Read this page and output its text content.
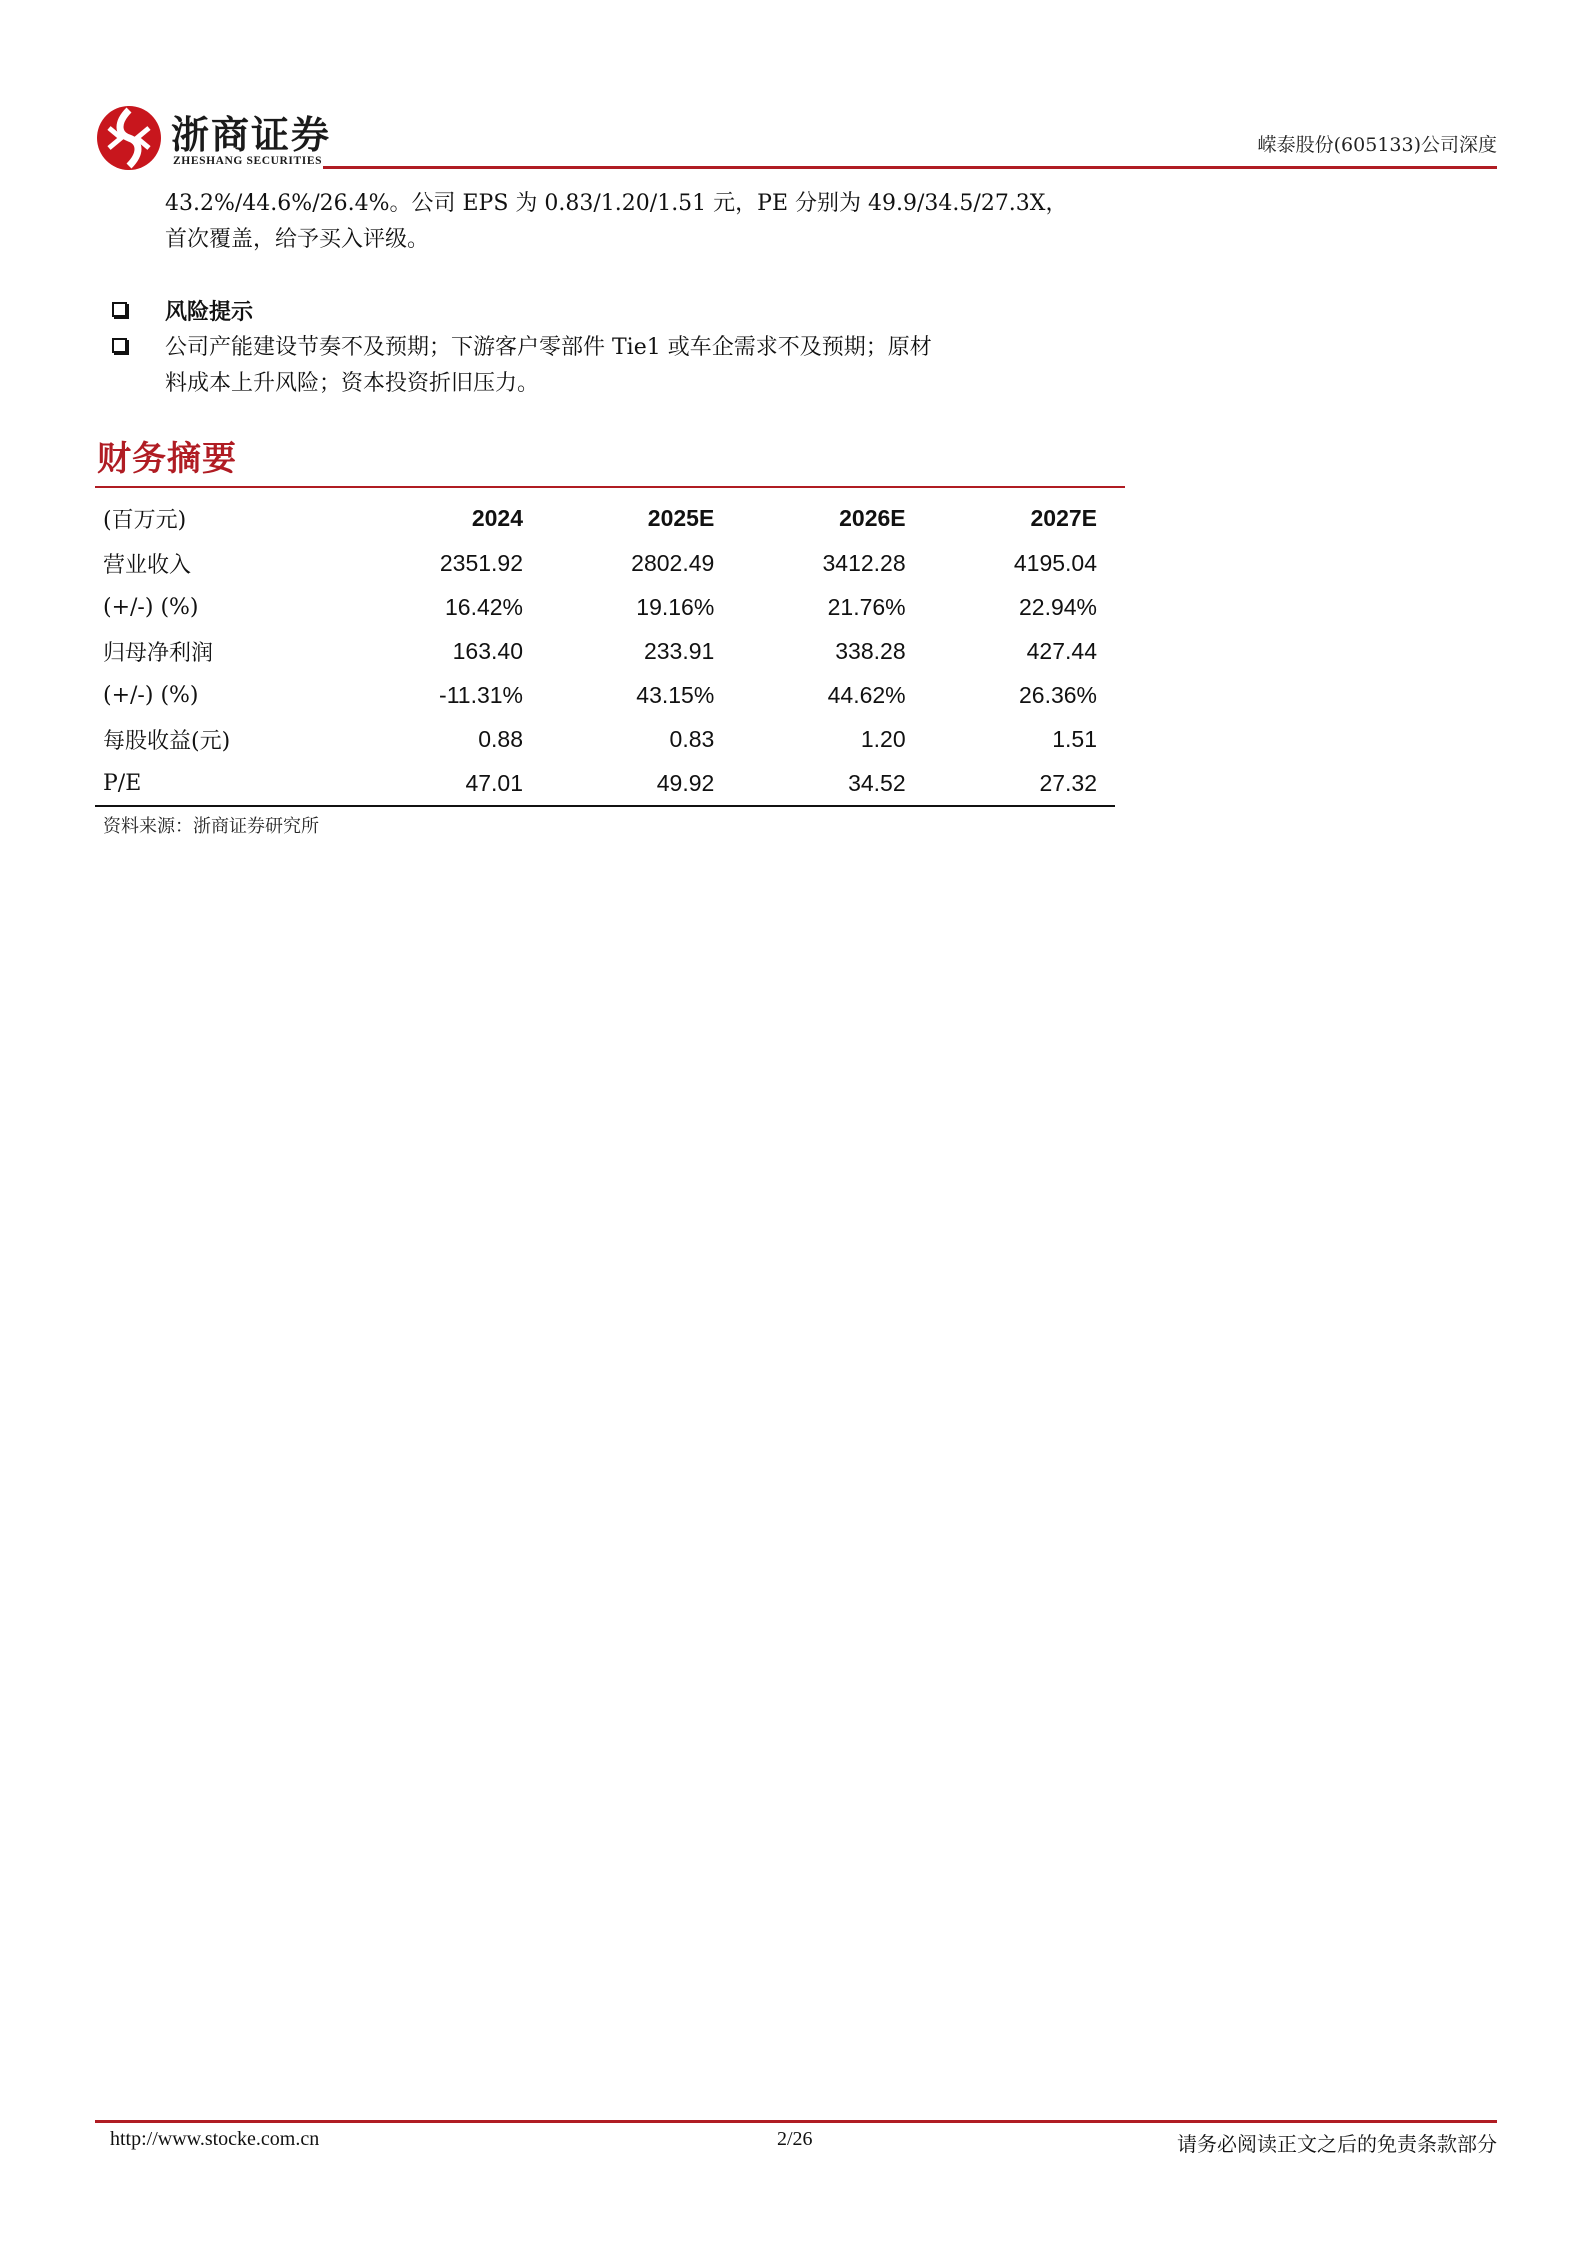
浙商证券
ZHESHANG SECURITIES
嵘泰股份(605133)公司深度
43.2%/44.6%/26.4%。公司 EPS 为 0.83/1.20/1.51 元，PE 分别为 49.9/34.5/27.3X，
首次覆盖，给予买入评级。
风险提示
公司产能建设节奏不及预期；下游客户零部件 Tie1 或车企需求不及预期；原材
料成本上升风险；资本投资折旧压力。
财务摘要
(百万元)	2024	2025E	2026E	2027E
营业收入	2351.92	2802.49	3412.28	4195.04
(+/-) (%)	16.42%	19.16%	21.76%	22.94%
归母净利润	163.40	233.91	338.28	427.44
(+/-) (%)	-11.31%	43.15%	44.62%	26.36%
每股收益(元)	0.88	0.83	1.20	1.51
P/E	47.01	49.92	34.52	27.32
资料来源：浙商证券研究所
http://www.stocke.com.cn	2/26	请务必阅读正文之后的免责条款部分
